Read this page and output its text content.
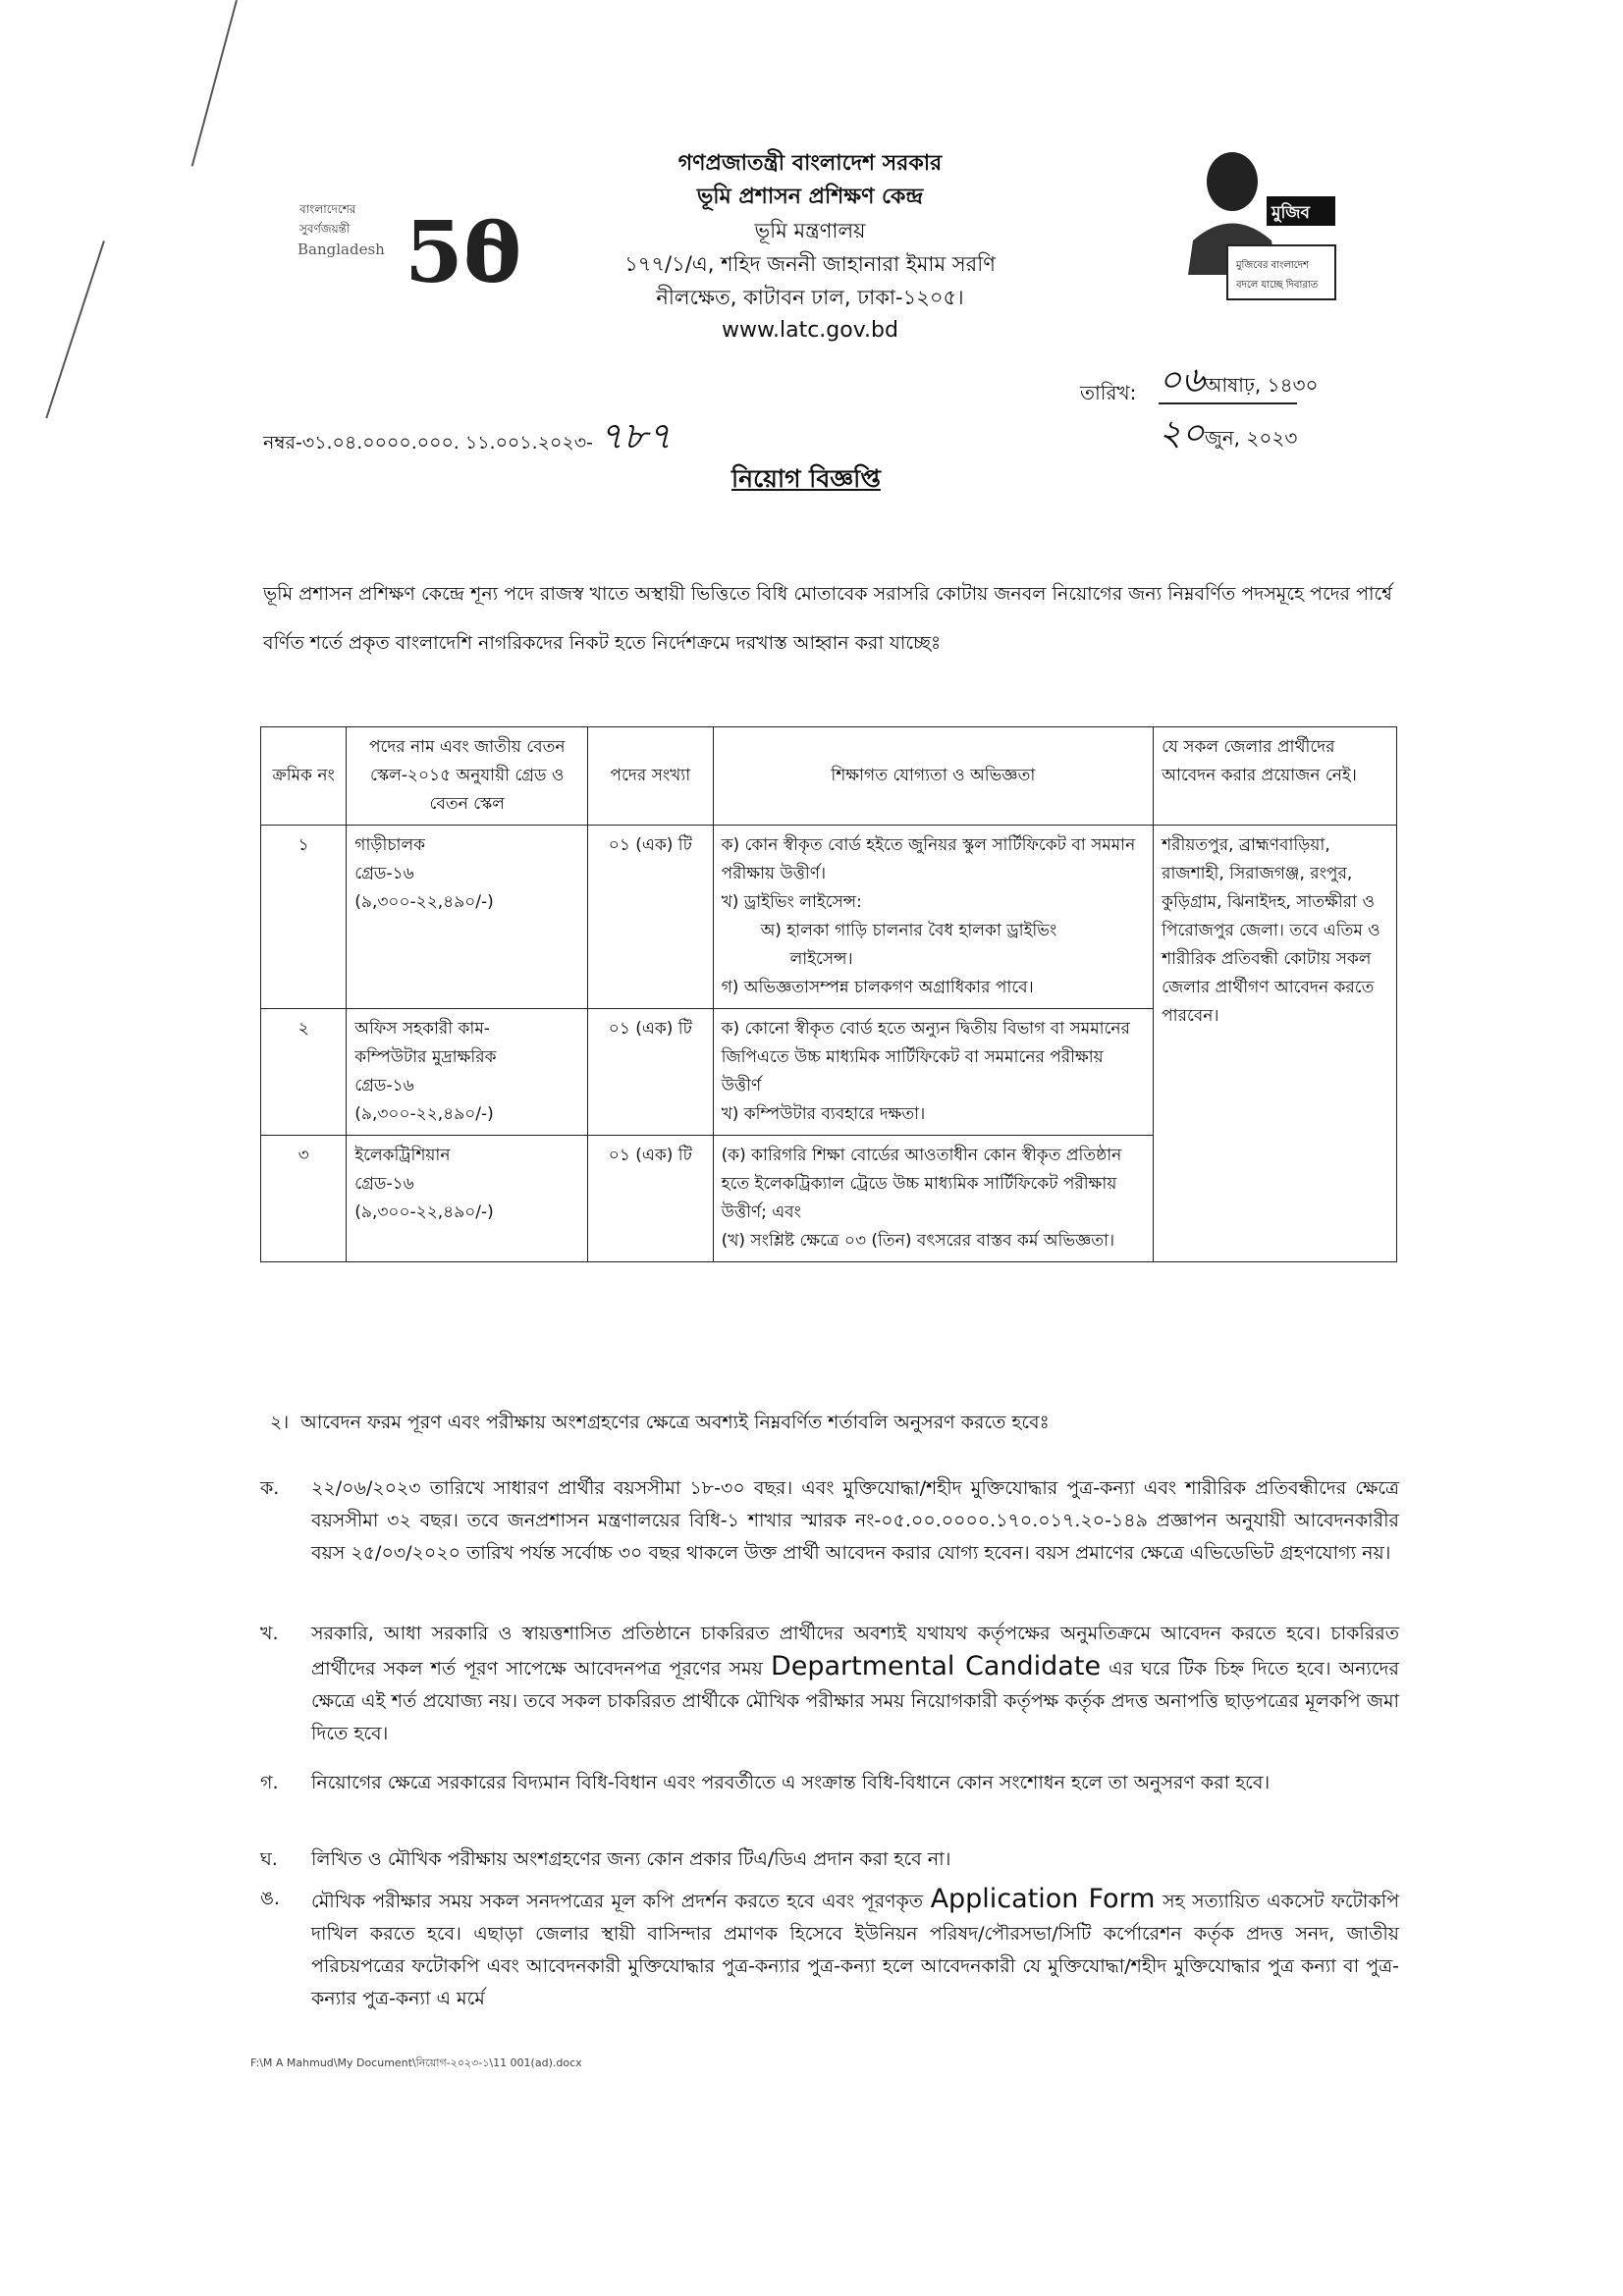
বাংলাদেশের
সুবর্ণজয়ন্তী
Bangladesh 50
গণপ্রজাতন্ত্রী বাংলাদেশ সরকার
ভূমি প্রশাসন প্রশিক্ষণ কেন্দ্র
ভূমি মন্ত্রণালয়
১৭৭/১/এ, শহিদ জননী জাহানারা ইমাম সরণি
নীলক্ষেত, কাটাবন ঢাল, ঢাকা-১২০৫।
www.latc.gov.bd
মুজিব
মুজিবের বাংলাদেশ
বদলে যাচ্ছে দিবারাত
নম্বর-৩১.০৪.০০০০.০০০. ১১.০০১.২০২৩- ৭৮৭
তারিখ: ০৬আষাঢ়, ১৪৩০
২০জুন, ২০২৩
নিয়োগ বিজ্ঞপ্তি
ভূমি প্রশাসন প্রশিক্ষণ কেন্দ্রে শূন্য পদে রাজস্ব খাতে অস্থায়ী ভিত্তিতে বিধি মোতাবেক সরাসরি কোটায় জনবল নিয়োগের জন্য নিম্নবর্ণিত পদসমূহে পদের পার্শ্বে বর্ণিত শর্তে প্রকৃত বাংলাদেশি নাগরিকদের নিকট হতে নির্দেশক্রমে দরখাস্ত আহ্বান করা যাচ্ছেঃ
ক্রমিক নং	পদের নাম এবং জাতীয় বেতন স্কেল-২০১৫ অনুযায়ী গ্রেড ও বেতন স্কেল	পদের সংখ্যা	শিক্ষাগত যোগ্যতা ও অভিজ্ঞতা	যে সকল জেলার প্রার্থীদের আবেদন করার প্রয়োজন নেই।
১	গাড়ীচালক
গ্রেড-১৬
(৯,৩০০-২২,৪৯০/-)	০১ (এক) টি	ক) কোন স্বীকৃত বোর্ড হইতে জুনিয়র স্কুল সার্টিফিকেট বা সমমান পরীক্ষায় উত্তীর্ণ।
খ) ড্রাইভিং লাইসেন্স:
অ) হালকা গাড়ি চালনার বৈধ হালকা ড্রাইভিং
লাইসেন্স।
গ) অভিজ্ঞতাসম্পন্ন চালকগণ অগ্রাধিকার পাবে।	শরীয়তপুর, ব্রাহ্মণবাড়িয়া, রাজশাহী, সিরাজগঞ্জ, রংপুর, কুড়িগ্রাম, ঝিনাইদহ, সাতক্ষীরা ও পিরোজপুর জেলা। তবে এতিম ও শারীরিক প্রতিবন্ধী কোটায় সকল জেলার প্রার্থীগণ আবেদন করতে পারবেন।
২	অফিস সহকারী কাম-
কম্পিউটার মুদ্রাক্ষরিক
গ্রেড-১৬
(৯,৩০০-২২,৪৯০/-)	০১ (এক) টি	ক) কোনো স্বীকৃত বোর্ড হতে অন্যুন দ্বিতীয় বিভাগ বা সমমানের জিপিএতে উচ্চ মাধ্যমিক সার্টিফিকেট বা সমমানের পরীক্ষায় উত্তীর্ণ
খ) কম্পিউটার ব্যবহারে দক্ষতা।	

৩	ইলেকট্রিশিয়ান
গ্রেড-১৬
(৯,৩০০-২২,৪৯০/-)	০১ (এক) টি	(ক) কারিগরি শিক্ষা বোর্ডের আওতাধীন কোন স্বীকৃত প্রতিষ্ঠান হতে ইলেকট্রিক্যাল ট্রেডে উচ্চ মাধ্যমিক সার্টিফিকেট পরীক্ষায় উত্তীর্ণ; এবং
(খ) সংশ্লিষ্ট ক্ষেত্রে ০৩ (তিন) বৎসরের বাস্তব কর্ম অভিজ্ঞতা।	
২। আবেদন ফরম পূরণ এবং পরীক্ষায় অংশগ্রহণের ক্ষেত্রে অবশ্যই নিম্নবর্ণিত শর্তাবলি অনুসরণ করতে হবেঃ
ক.	২২/০৬/২০২৩ তারিখে সাধারণ প্রার্থীর বয়সসীমা ১৮-৩০ বছর। এবং মুক্তিযোদ্ধা/শহীদ মুক্তিযোদ্ধার পুত্র-কন্যা এবং শারীরিক প্রতিবন্ধীদের ক্ষেত্রে বয়সসীমা ৩২ বছর। তবে জনপ্রশাসন মন্ত্রণালয়ের বিধি-১ শাখার স্মারক নং-০৫.০০.০০০০.১৭০.০১৭.২০-১৪৯ প্রজ্ঞাপন অনুযায়ী আবেদনকারীর বয়স ২৫/০৩/২০২০ তারিখ পর্যন্ত সর্বোচ্চ ৩০ বছর থাকলে উক্ত প্রার্থী আবেদন করার যোগ্য হবেন। বয়স প্রমাণের ক্ষেত্রে এভিডেভিট গ্রহণযোগ্য নয়।
খ.	সরকারি, আধা সরকারি ও স্বায়ত্তশাসিত প্রতিষ্ঠানে চাকরিরত প্রার্থীদের অবশ্যই যথাযথ কর্তৃপক্ষের অনুমতিক্রমে আবেদন করতে হবে। চাকরিরত প্রার্থীদের সকল শর্ত পূরণ সাপেক্ষে আবেদনপত্র পূরণের সময় Departmental Candidate এর ঘরে টিক চিহ্ন দিতে হবে। অন্যদের ক্ষেত্রে এই শর্ত প্রযোজ্য নয়। তবে সকল চাকরিরত প্রার্থীকে মৌখিক পরীক্ষার সময় নিয়োগকারী কর্তৃপক্ষ কর্তৃক প্রদত্ত অনাপত্তি ছাড়পত্রের মূলকপি জমা দিতে হবে।
গ.	নিয়োগের ক্ষেত্রে সরকারের বিদ্যমান বিধি-বিধান এবং পরবর্তীতে এ সংক্রান্ত বিধি-বিধানে কোন সংশোধন হলে তা অনুসরণ করা হবে।
ঘ.	লিখিত ও মৌখিক পরীক্ষায় অংশগ্রহণের জন্য কোন প্রকার টিএ/ডিএ প্রদান করা হবে না।
ঙ.	মৌখিক পরীক্ষার সময় সকল সনদপত্রের মূল কপি প্রদর্শন করতে হবে এবং পূরণকৃত Application Form সহ সত্যায়িত একসেট ফটোকপি দাখিল করতে হবে। এছাড়া জেলার স্থায়ী বাসিন্দার প্রমাণক হিসেবে ইউনিয়ন পরিষদ/পৌরসভা/সিটি কর্পোরেশন কর্তৃক প্রদত্ত সনদ, জাতীয় পরিচয়পত্রের ফটোকপি এবং আবেদনকারী মুক্তিযোদ্ধার পুত্র-কন্যার পুত্র-কন্যা হলে আবেদনকারী যে মুক্তিযোদ্ধা/শহীদ মুক্তিযোদ্ধার পুত্র কন্যা বা পুত্র-কন্যার পুত্র-কন্যা এ মর্মে
F:\M A Mahmud\My Document\নিয়োগ-২০২৩-১\11 001(ad).docx
